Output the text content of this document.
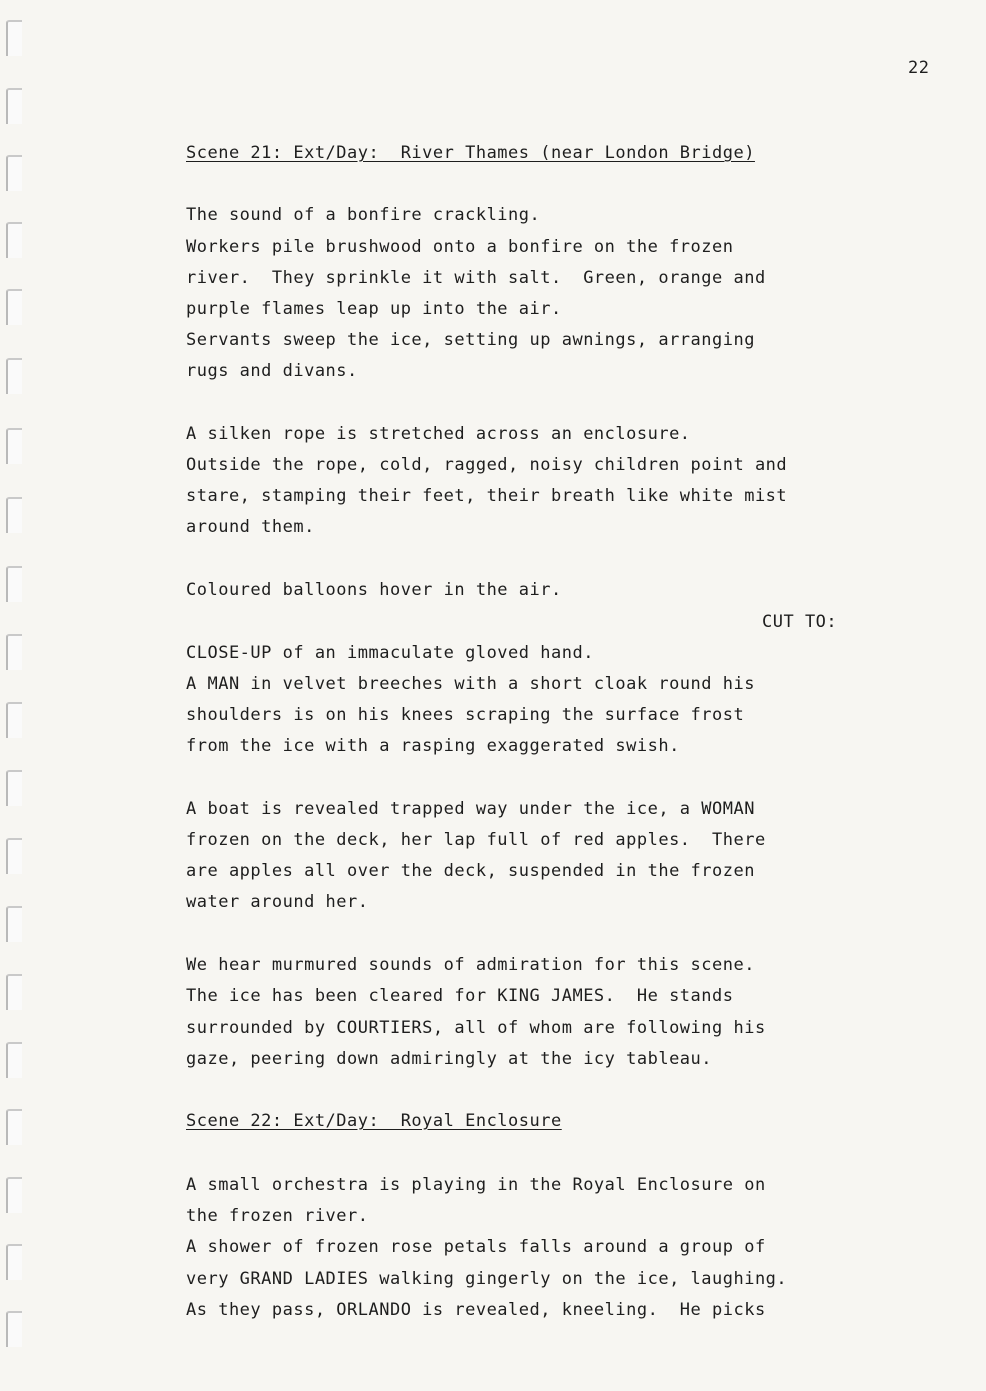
22
Scene 21: Ext/Day:  River Thames (near London Bridge)
The sound of a bonfire crackling.
Workers pile brushwood onto a bonfire on the frozen
river.  They sprinkle it with salt.  Green, orange and
purple flames leap up into the air.
Servants sweep the ice, setting up awnings, arranging
rugs and divans.
A silken rope is stretched across an enclosure.
Outside the rope, cold, ragged, noisy children point and
stare, stamping their feet, their breath like white mist
around them.
Coloured balloons hover in the air.
CUT TO:
CLOSE-UP of an immaculate gloved hand.
A MAN in velvet breeches with a short cloak round his
shoulders is on his knees scraping the surface frost
from the ice with a rasping exaggerated swish.
A boat is revealed trapped way under the ice, a WOMAN
frozen on the deck, her lap full of red apples.  There
are apples all over the deck, suspended in the frozen
water around her.
We hear murmured sounds of admiration for this scene.
The ice has been cleared for KING JAMES.  He stands
surrounded by COURTIERS, all of whom are following his
gaze, peering down admiringly at the icy tableau.
Scene 22: Ext/Day:  Royal Enclosure
A small orchestra is playing in the Royal Enclosure on
the frozen river.
A shower of frozen rose petals falls around a group of
very GRAND LADIES walking gingerly on the ice, laughing.
As they pass, ORLANDO is revealed, kneeling.  He picks
